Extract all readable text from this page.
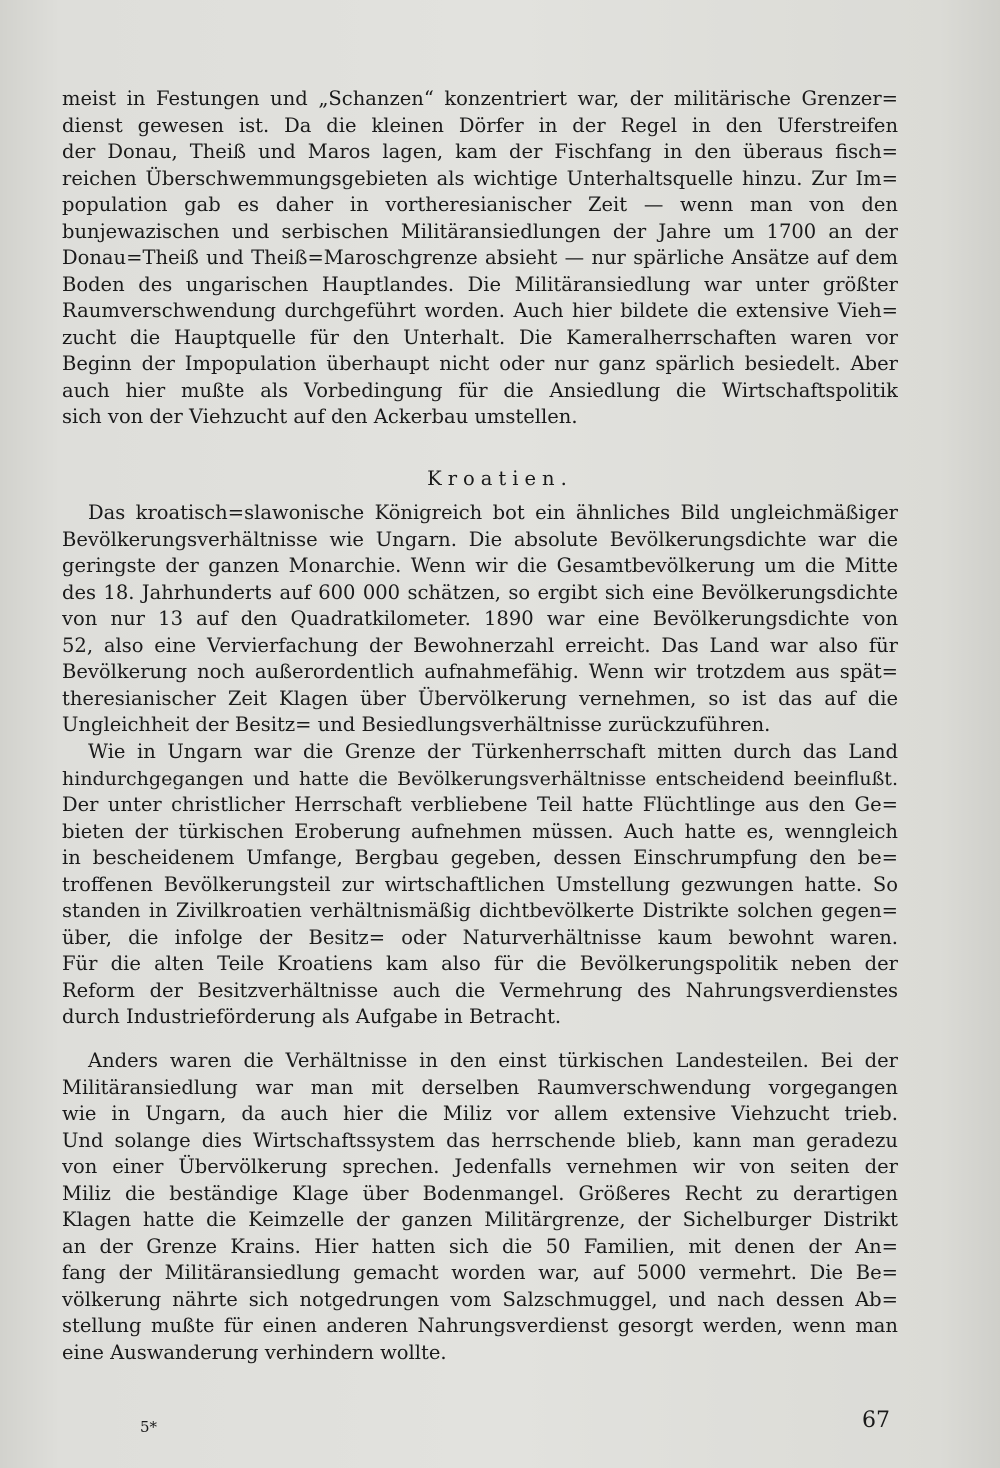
meist in Festungen und „Schanzen“ konzentriert war, der militärische Grenzer=
dienst gewesen ist. Da die kleinen Dörfer in der Regel in den Uferstreifen
der Donau, Theiß und Maros lagen, kam der Fischfang in den überaus fisch=
reichen Überschwemmungsgebieten als wichtige Unterhaltsquelle hinzu. Zur Im=
population gab es daher in vortheresianischer Zeit — wenn man von den
bunjewazischen und serbischen Militäransiedlungen der Jahre um 1700 an der
Donau=Theiß und Theiß=Maroschgrenze absieht — nur spärliche Ansätze auf dem
Boden des ungarischen Hauptlandes. Die Militäransiedlung war unter größter
Raumverschwendung durchgeführt worden. Auch hier bildete die extensive Vieh=
zucht die Hauptquelle für den Unterhalt. Die Kameralherrschaften waren vor
Beginn der Impopulation überhaupt nicht oder nur ganz spärlich besiedelt. Aber
auch hier mußte als Vorbedingung für die Ansiedlung die Wirtschaftspolitik
sich von der Viehzucht auf den Ackerbau umstellen.
Kroatien.
Das kroatisch=slawonische Königreich bot ein ähnliches Bild ungleichmäßiger
Bevölkerungsverhältnisse wie Ungarn. Die absolute Bevölkerungsdichte war die
geringste der ganzen Monarchie. Wenn wir die Gesamtbevölkerung um die Mitte
des 18. Jahrhunderts auf 600 000 schätzen, so ergibt sich eine Bevölkerungsdichte
von nur 13 auf den Quadratkilometer. 1890 war eine Bevölkerungsdichte von
52, also eine Vervierfachung der Bewohnerzahl erreicht. Das Land war also für
Bevölkerung noch außerordentlich aufnahmefähig. Wenn wir trotzdem aus spät=
theresianischer Zeit Klagen über Übervölkerung vernehmen, so ist das auf die
Ungleichheit der Besitz= und Besiedlungsverhältnisse zurückzuführen.
Wie in Ungarn war die Grenze der Türkenherrschaft mitten durch das Land
hindurchgegangen und hatte die Bevölkerungsverhältnisse entscheidend beeinflußt.
Der unter christlicher Herrschaft verbliebene Teil hatte Flüchtlinge aus den Ge=
bieten der türkischen Eroberung aufnehmen müssen. Auch hatte es, wenngleich
in bescheidenem Umfange, Bergbau gegeben, dessen Einschrumpfung den be=
troffenen Bevölkerungsteil zur wirtschaftlichen Umstellung gezwungen hatte. So
standen in Zivilkroatien verhältnismäßig dichtbevölkerte Distrikte solchen gegen=
über, die infolge der Besitz= oder Naturverhältnisse kaum bewohnt waren.
Für die alten Teile Kroatiens kam also für die Bevölkerungspolitik neben der
Reform der Besitzverhältnisse auch die Vermehrung des Nahrungsverdienstes
durch Industrieförderung als Aufgabe in Betracht.
Anders waren die Verhältnisse in den einst türkischen Landesteilen. Bei der
Militäransiedlung war man mit derselben Raumverschwendung vorgegangen
wie in Ungarn, da auch hier die Miliz vor allem extensive Viehzucht trieb.
Und solange dies Wirtschaftssystem das herrschende blieb, kann man geradezu
von einer Übervölkerung sprechen. Jedenfalls vernehmen wir von seiten der
Miliz die beständige Klage über Bodenmangel. Größeres Recht zu derartigen
Klagen hatte die Keimzelle der ganzen Militärgrenze, der Sichelburger Distrikt
an der Grenze Krains. Hier hatten sich die 50 Familien, mit denen der An=
fang der Militäransiedlung gemacht worden war, auf 5000 vermehrt. Die Be=
völkerung nährte sich notgedrungen vom Salzschmuggel, und nach dessen Ab=
stellung mußte für einen anderen Nahrungsverdienst gesorgt werden, wenn man
eine Auswanderung verhindern wollte.
5*	67
